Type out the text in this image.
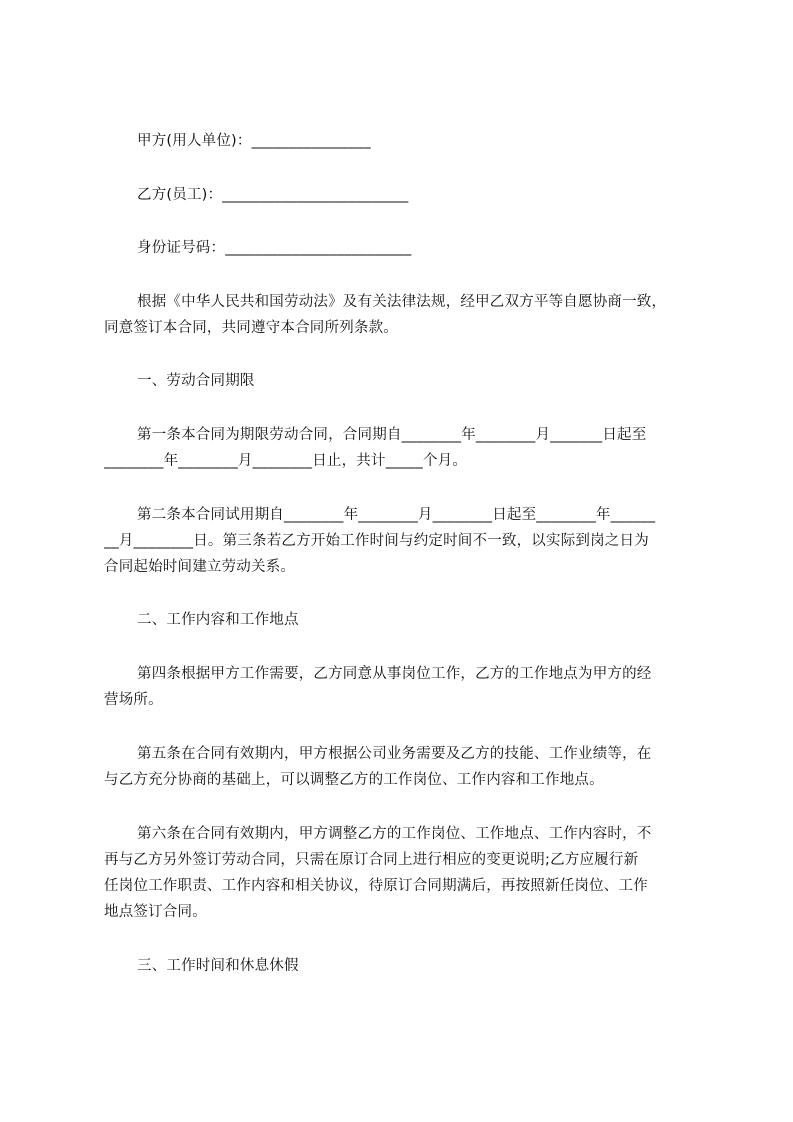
甲方(用人单位)：________________
乙方(员工)：_________________________
身份证号码：_________________________
根据《中华人民共和国劳动法》及有关法律法规，经甲乙双方平等自愿协商一致，
同意签订本合同，共同遵守本合同所列条款。
一、劳动合同期限
第一条本合同为期限劳动合同，合同期自________年________月_______日起至
________年________月________日止，共计_____个月。
第二条本合同试用期自________年________月________日起至________年______
__月________日。第三条若乙方开始工作时间与约定时间不一致，以实际到岗之日为
合同起始时间建立劳动关系。
二、工作内容和工作地点
第四条根据甲方工作需要，乙方同意从事岗位工作，乙方的工作地点为甲方的经
营场所。
第五条在合同有效期内，甲方根据公司业务需要及乙方的技能、工作业绩等，在
与乙方充分协商的基础上，可以调整乙方的工作岗位、工作内容和工作地点。
第六条在合同有效期内，甲方调整乙方的工作岗位、工作地点、工作内容时，不
再与乙方另外签订劳动合同，只需在原订合同上进行相应的变更说明;乙方应履行新
任岗位工作职责、工作内容和相关协议，待原订合同期满后，再按照新任岗位、工作
地点签订合同。
三、工作时间和休息休假
